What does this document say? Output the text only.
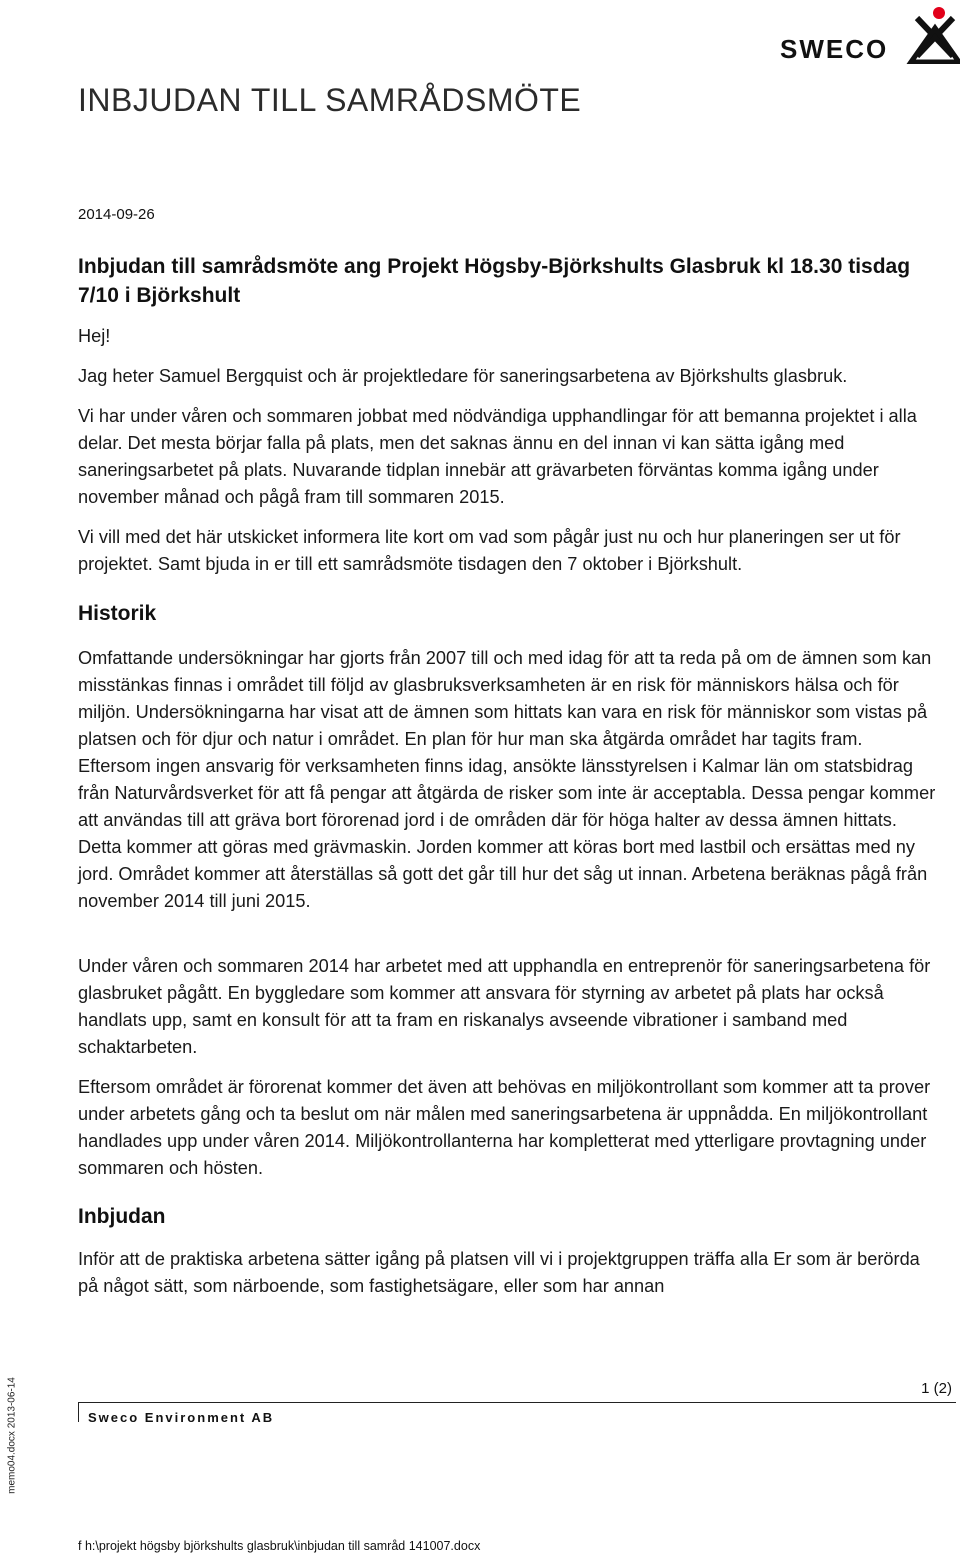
SWECO
INBJUDAN TILL SAMRÅDSMÖTE
2014-09-26
Inbjudan till samrådsmöte ang Projekt Högsby-Björkshults Glasbruk kl 18.30 tisdag 7/10 i Björkshult
Hej!
Jag heter Samuel Bergquist och är projektledare för saneringsarbetena av Björkshults glasbruk.
Vi har under våren och sommaren jobbat med nödvändiga upphandlingar för att bemanna projektet i alla delar. Det mesta börjar falla på plats, men det saknas ännu en del innan vi kan sätta igång med saneringsarbetet på plats. Nuvarande tidplan innebär att grävarbeten förväntas komma igång under november månad och pågå fram till sommaren 2015.
Vi vill med det här utskicket informera lite kort om vad som pågår just nu och hur planeringen ser ut för projektet. Samt bjuda in er till ett samrådsmöte tisdagen den 7 oktober i Björkshult.
Historik
Omfattande undersökningar har gjorts från 2007 till och med idag för att ta reda på om de ämnen som kan misstänkas finnas i området till följd av glasbruksverksamheten är en risk för människors hälsa och för miljön. Undersökningarna har visat att de ämnen som hittats kan vara en risk för människor som vistas på platsen och för djur och natur i området. En plan för hur man ska åtgärda området har tagits fram. Eftersom ingen ansvarig för verksamheten finns idag, ansökte länsstyrelsen i Kalmar län om statsbidrag från Naturvårdsverket för att få pengar att åtgärda de risker som inte är acceptabla. Dessa pengar kommer att användas till att gräva bort förorenad jord i de områden där för höga halter av dessa ämnen hittats. Detta kommer att göras med grävmaskin. Jorden kommer att köras bort med lastbil och ersättas med ny jord. Området kommer att återställas så gott det går till hur det såg ut innan. Arbetena beräknas pågå från november 2014 till juni 2015.
Under våren och sommaren 2014 har arbetet med att upphandla en entreprenör för saneringsarbetena för glasbruket pågått. En byggledare som kommer att ansvara för styrning av arbetet på plats har också handlats upp, samt en konsult för att ta fram en riskanalys avseende vibrationer i samband med schaktarbeten.
Eftersom området är förorenat kommer det även att behövas en miljökontrollant som kommer att ta prover under arbetets gång och ta beslut om när målen med saneringsarbetena är uppnådda. En miljökontrollant handlades upp under våren 2014. Miljökontrollanterna har kompletterat med ytterligare provtagning under sommaren och hösten.
Inbjudan
Inför att de praktiska arbetena sätter igång på platsen vill vi i projektgruppen träffa alla Er som är berörda på något sätt, som närboende, som fastighetsägare, eller som har annan
1 (2)
Sweco Environment AB
memo04.docx 2013-06-14
f h:\projekt högsby björkshults glasbruk\inbjudan till samråd 141007.docx
